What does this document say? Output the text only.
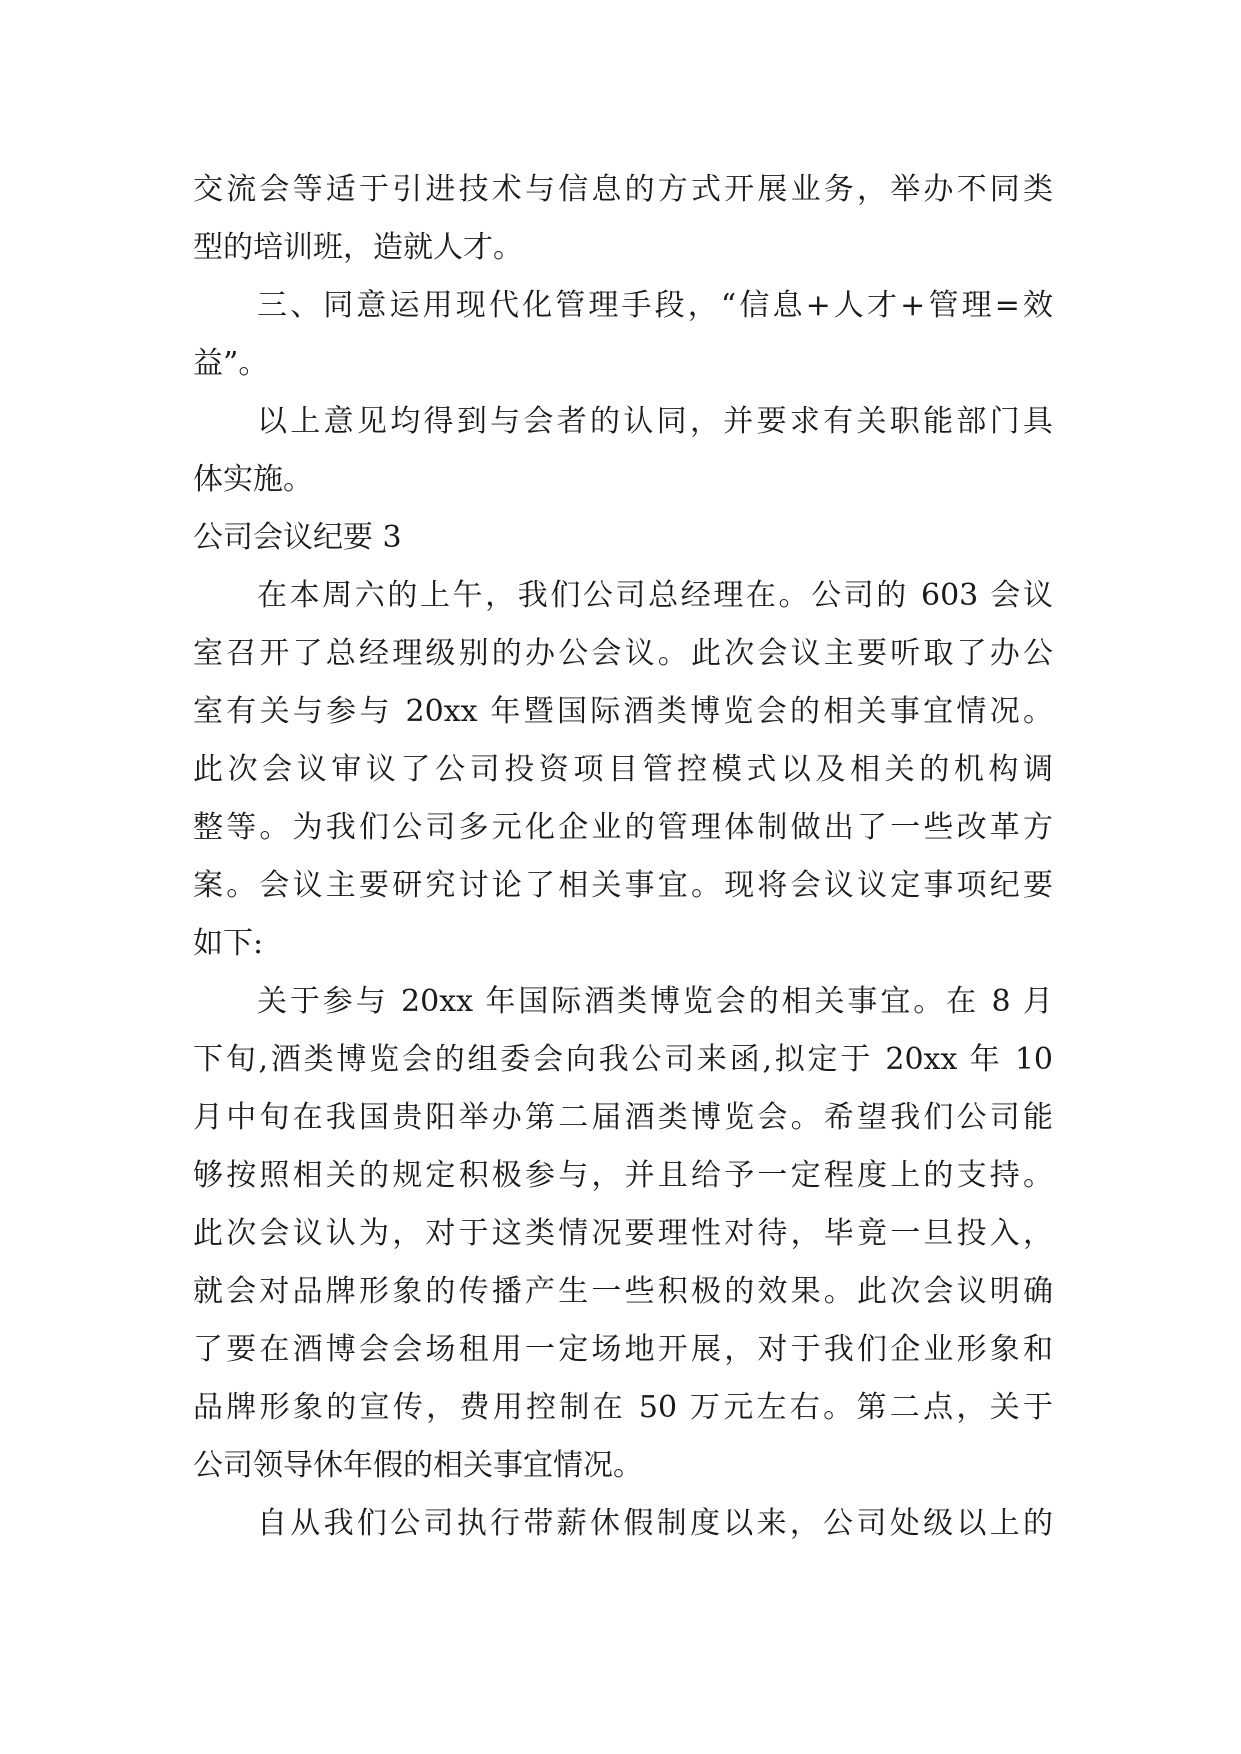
交流会等适于引进技术与信息的方式开展业务，举办不同类
型的培训班，造就人才。
三、同意运用现代化管理手段，“信息+人才+管理=效
益”。
以上意见均得到与会者的认同，并要求有关职能部门具
体实施。
公司会议纪要 3
在本周六的上午，我们公司总经理在。公司的 603 会议
室召开了总经理级别的办公会议。此次会议主要听取了办公
室有关与参与 20xx 年暨国际酒类博览会的相关事宜情况。
此次会议审议了公司投资项目管控模式以及相关的机构调
整等。为我们公司多元化企业的管理体制做出了一些改革方
案。会议主要研究讨论了相关事宜。现将会议议定事项纪要
如下:
关于参与 20xx 年国际酒类博览会的相关事宜。在 8 月
下旬,酒类博览会的组委会向我公司来函,拟定于 20xx 年 10
月中旬在我国贵阳举办第二届酒类博览会。希望我们公司能
够按照相关的规定积极参与，并且给予一定程度上的支持。
此次会议认为，对于这类情况要理性对待，毕竟一旦投入，
就会对品牌形象的传播产生一些积极的效果。此次会议明确
了要在酒博会会场租用一定场地开展，对于我们企业形象和
品牌形象的宣传，费用控制在 50 万元左右。第二点，关于
公司领导休年假的相关事宜情况。
自从我们公司执行带薪休假制度以来，公司处级以上的
